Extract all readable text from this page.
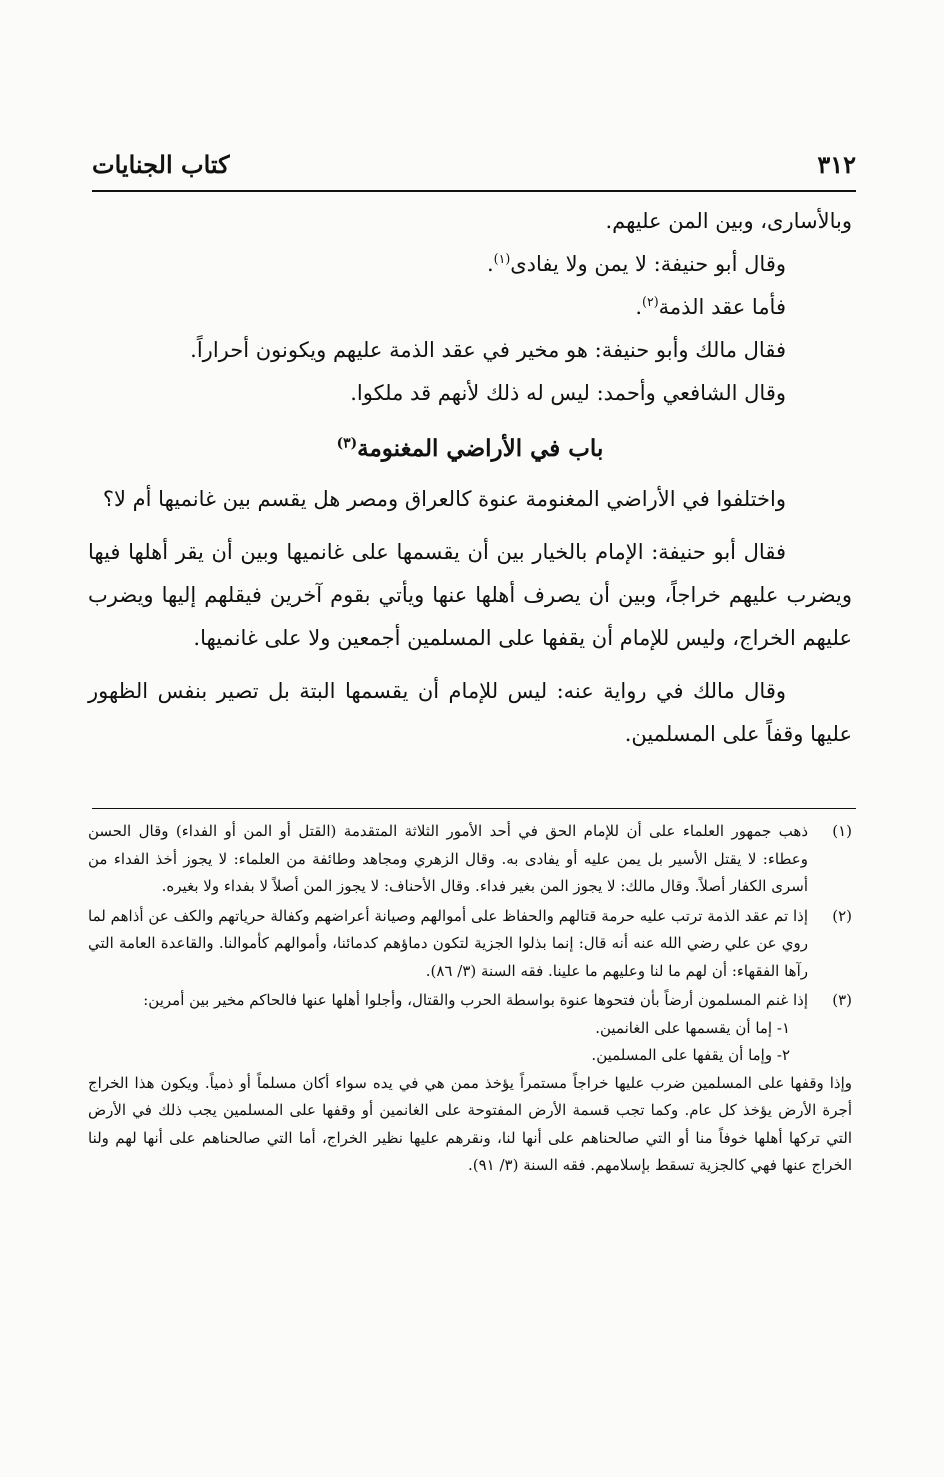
٣١٢
كتاب الجنايات

وبالأسارى، وبين المن عليهم.

وقال أبو حنيفة: لا يمن ولا يفادى$^{(١)}$.

فأما عقد الذمة$^{(٢)}$.

فقال مالك وأبو حنيفة: هو مخير في عقد الذمة عليهم ويكونون أحراراً.

وقال الشافعي وأحمد: ليس له ذلك لأنهم قد ملكوا.

باب في الأراضي المغنومة$^{(٣)}$

واختلفوا في الأراضي المغنومة عنوة كالعراق ومصر هل يقسم بين غانميها أم لا؟

فقال أبو حنيفة: الإمام بالخيار بين أن يقسمها على غانميها وبين أن يقر أهلها فيها ويضرب عليهم خراجاً، وبين أن يصرف أهلها عنها ويأتي بقوم آخرين فيقلهم إليها ويضرب عليهم الخراج، وليس للإمام أن يقفها على المسلمين أجمعين ولا على غانميها.

وقال مالك في رواية عنه: ليس للإمام أن يقسمها البتة بل تصير بنفس الظهور عليها وقفاً على المسلمين.

(١)

ذهب جمهور العلماء على أن للإمام الحق في أحد الأمور الثلاثة المتقدمة (القتل أو المن أو الفداء) وقال الحسن وعطاء: لا يقتل الأسير بل يمن عليه أو يفادى به. وقال الزهري ومجاهد وطائفة من العلماء: لا يجوز أخذ الفداء من أسرى الكفار أصلاً. وقال مالك: لا يجوز المن بغير فداء. وقال الأحناف: لا يجوز المن أصلاً لا بفداء ولا بغيره.

(٢)

إذا تم عقد الذمة ترتب عليه حرمة قتالهم والحفاظ على أموالهم وصيانة أعراضهم وكفالة حرياتهم والكف عن أذاهم لما روي عن علي رضي الله عنه أنه قال: إنما بذلوا الجزية لتكون دماؤهم كدمائنا، وأموالهم كأموالنا. والقاعدة العامة التي رآها الفقهاء: أن لهم ما لنا وعليهم ما علينا. فقه السنة (٣/ ٨٦).

(٣)

إذا غنم المسلمون أرضاً بأن فتحوها عنوة بواسطة الحرب والقتال، وأجلوا أهلها عنها فالحاكم مخير بين أمرين:

١- إما أن يقسمها على الغانمين.

٢- وإما أن يقفها على المسلمين.

وإذا وقفها على المسلمين ضرب عليها خراجاً مستمراً يؤخذ ممن هي في يده سواء أكان مسلماً أو ذمياً. ويكون هذا الخراج أجرة الأرض يؤخذ كل عام. وكما تجب قسمة الأرض المفتوحة على الغانمين أو وقفها على المسلمين يجب ذلك في الأرض التي تركها أهلها خوفاً منا أو التي صالحناهم على أنها لنا، ونقرهم عليها نظير الخراج، أما التي صالحناهم على أنها لهم ولنا الخراج عنها فهي كالجزية تسقط بإسلامهم. فقه السنة (٣/ ٩١).
